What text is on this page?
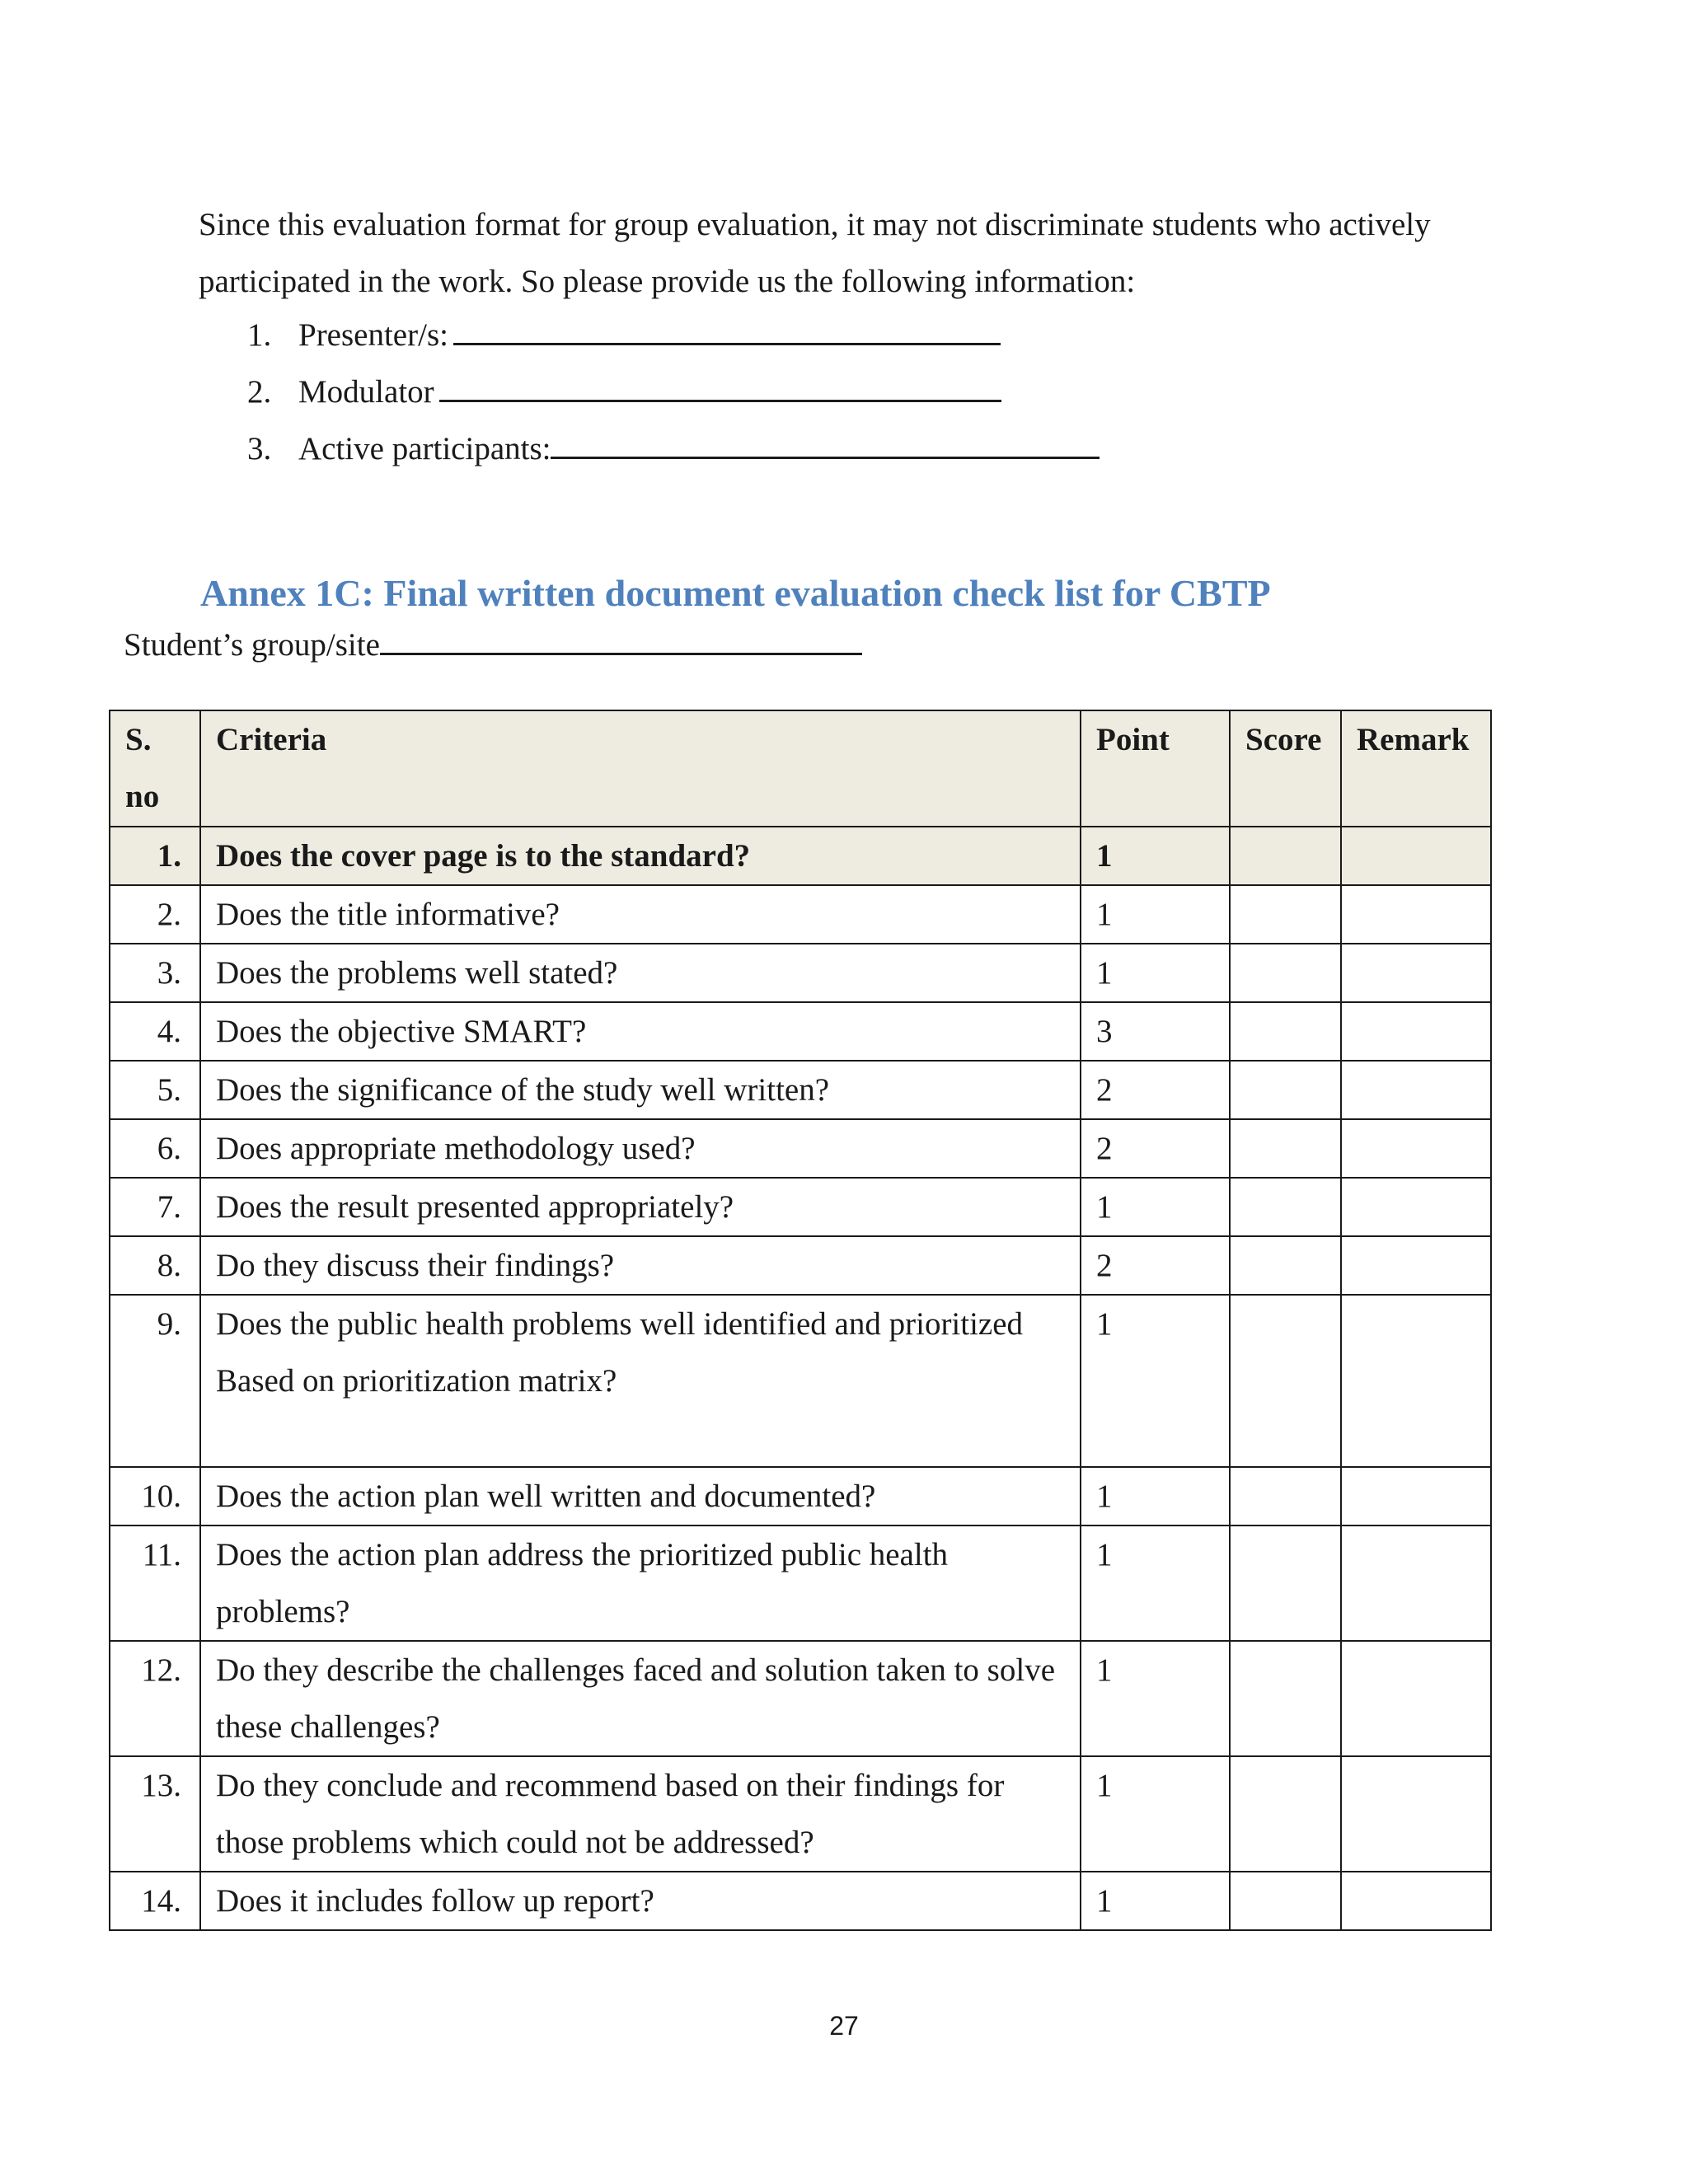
Since this evaluation format for group evaluation, it may not discriminate students who actively participated in the work. So please provide us the following information:
1. Presenter/s:
2. Modulator
3. Active participants:
Annex 1C: Final written document evaluation check list for CBTP
Student’s group/site
S. no	Criteria	Point	Score	Remark
1.	Does the cover page is to the standard?	1		
2.	Does the title informative?	1		
3.	Does the problems well stated?	1		
4.	Does the objective SMART?	3		
5.	Does the significance of the study well written?	2		
6.	Does appropriate methodology used?	2		
7.	Does the result presented appropriately?	1		
8.	Do they discuss their findings?	2		
9.	Does the public health problems well identified and prioritized Based on prioritization matrix?	1		
10.	Does the action plan well written and documented?	1		
11.	Does the action plan address the prioritized public health problems?	1		
12.	Do they describe the challenges faced and solution taken to solve these challenges?	1		
13.	Do they conclude and recommend based on their findings for those problems which could not be addressed?	1		
14.	Does it includes follow up report?	1		
27
